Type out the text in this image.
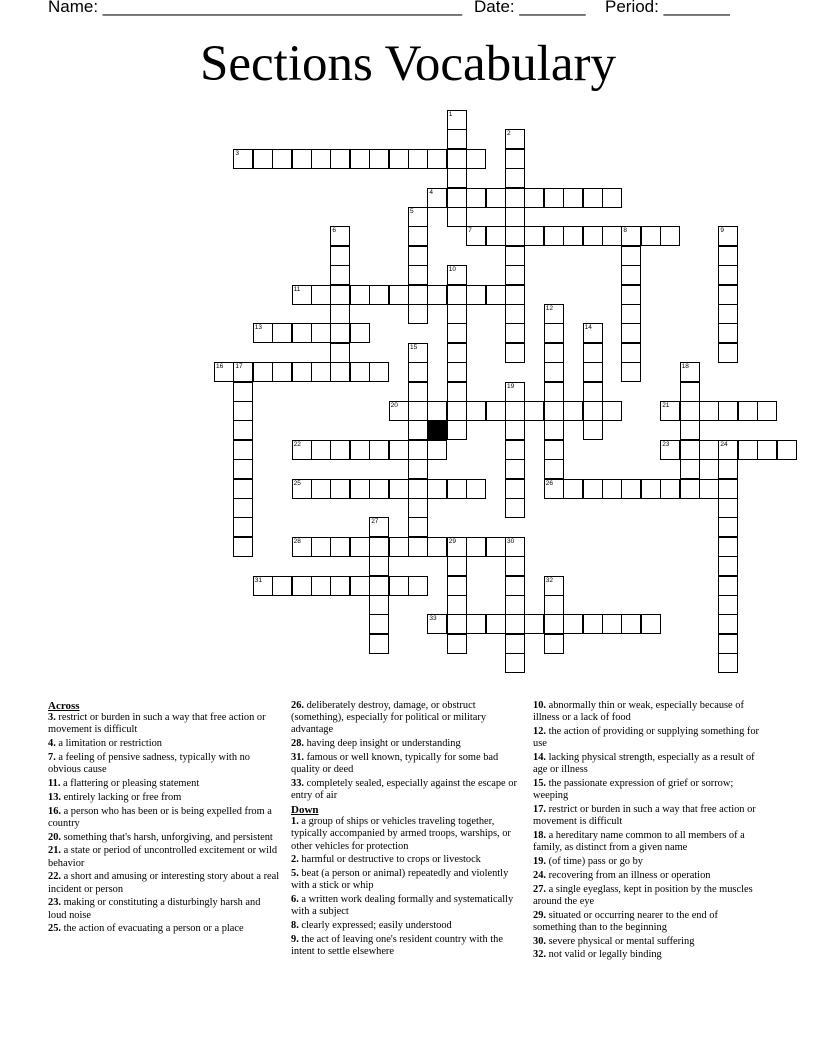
Name: ______________________________________ Date: _______ Period: _______
Sections Vocabulary
1
2
3
4
5
6	7	8	9
10
11
12
13	14
15
16 17	18
19
20	21
22	23	24
25	26
27
28	29	30
31	32
33
Across
3. restrict or burden in such a way that free action or movement is difficult
4. a limitation or restriction
7. a feeling of pensive sadness, typically with no obvious cause
11. a flattering or pleasing statement
13. entirely lacking or free from
16. a person who has been or is being expelled from a country
20. something that's harsh, unforgiving, and persistent
21. a state or period of uncontrolled excitement or wild behavior
22. a short and amusing or interesting story about a real incident or person
23. making or constituting a disturbingly harsh and loud noise
25. the action of evacuating a person or a place
26. deliberately destroy, damage, or obstruct (something), especially for political or military advantage
28. having deep insight or understanding
31. famous or well known, typically for some bad quality or deed
33. completely sealed, especially against the escape or entry of air
Down
1. a group of ships or vehicles traveling together, typically accompanied by armed troops, warships, or other vehicles for protection
2. harmful or destructive to crops or livestock
5. beat (a person or animal) repeatedly and violently with a stick or whip
6. a written work dealing formally and systematically with a subject
8. clearly expressed; easily understood
9. the act of leaving one's resident country with the intent to settle elsewhere
10. abnormally thin or weak, especially because of illness or a lack of food
12. the action of providing or supplying something for use
14. lacking physical strength, especially as a result of age or illness
15. the passionate expression of grief or sorrow; weeping
17. restrict or burden in such a way that free action or movement is difficult
18. a hereditary name common to all members of a family, as distinct from a given name
19. (of time) pass or go by
24. recovering from an illness or operation
27. a single eyeglass, kept in position by the muscles around the eye
29. situated or occurring nearer to the end of something than to the beginning
30. severe physical or mental suffering
32. not valid or legally binding
